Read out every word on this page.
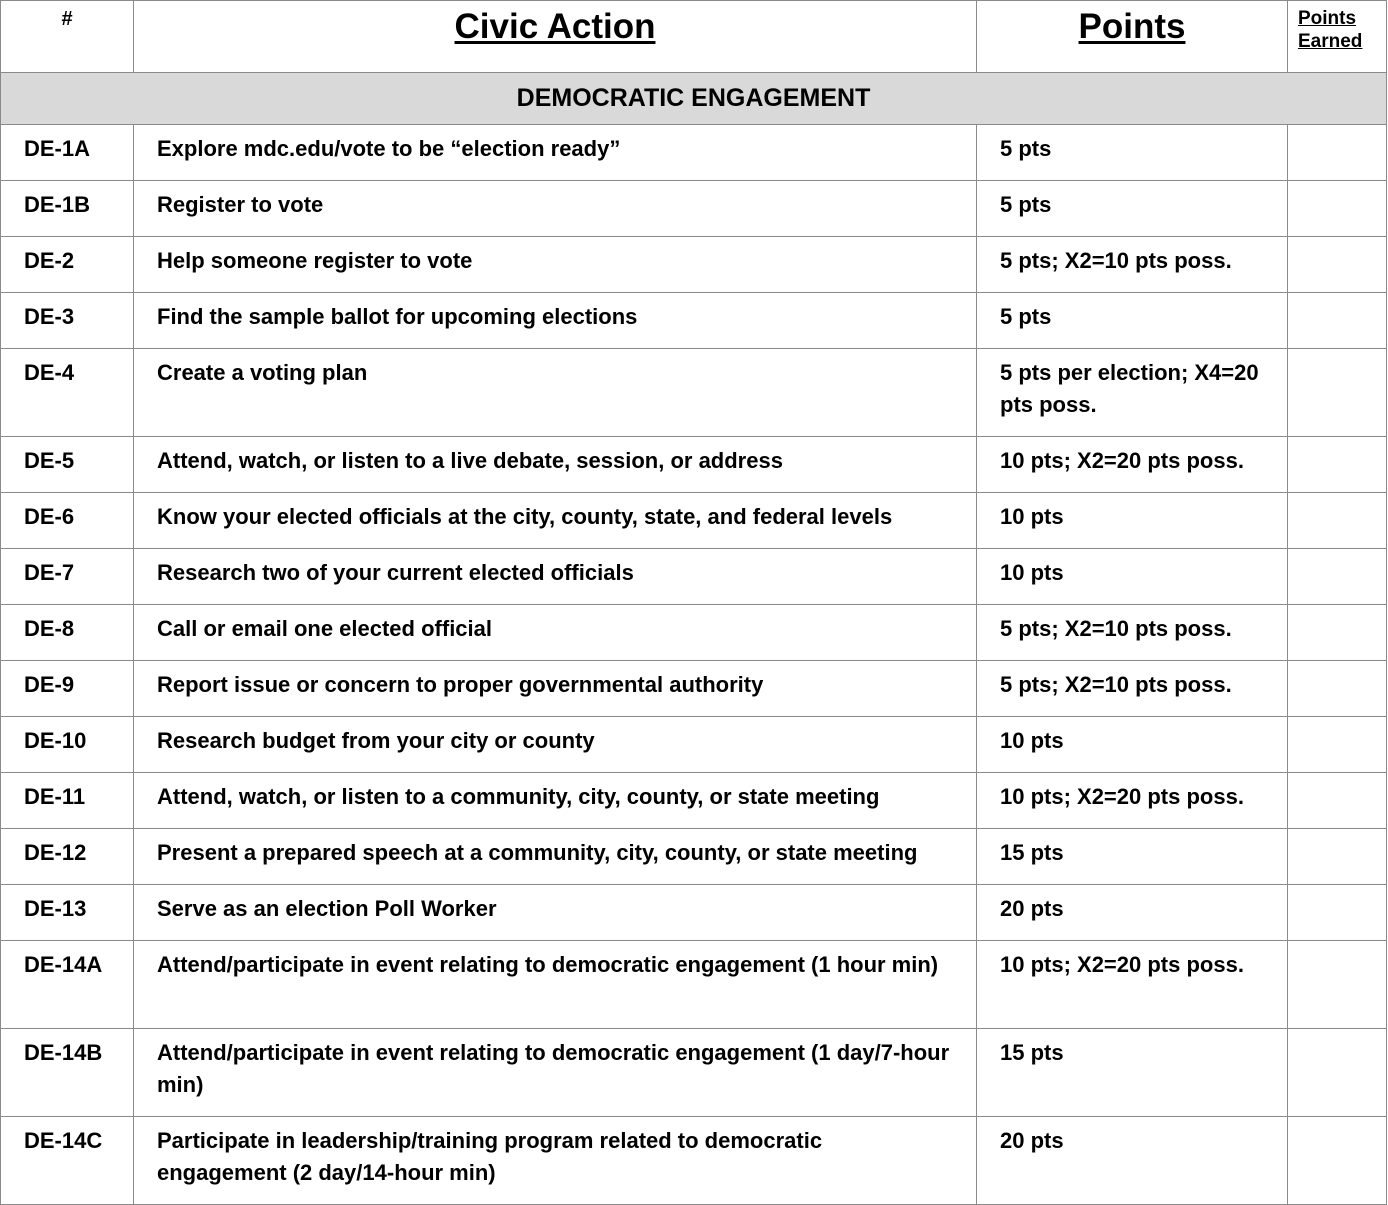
#	Civic Action	Points	Points Earned
DEMOCRATIC ENGAGEMENT			
DE-1A	Explore mdc.edu/vote to be “election ready”	5 pts	
DE-1B	Register to vote	5 pts	
DE-2	Help someone register to vote	5 pts; X2=10 pts poss.	
DE-3	Find the sample ballot for upcoming elections	5 pts	
DE-4	Create a voting plan	5 pts per election; X4=20 pts poss.	
DE-5	Attend, watch, or listen to a live debate, session, or address	10 pts; X2=20 pts poss.	
DE-6	Know your elected officials at the city, county, state, and federal levels	10 pts	
DE-7	Research two of your current elected officials	10 pts	
DE-8	Call or email one elected official	5 pts; X2=10 pts poss.	
DE-9	Report issue or concern to proper governmental authority	5 pts; X2=10 pts poss.	
DE-10	Research budget from your city or county	10 pts	
DE-11	Attend, watch, or listen to a community, city, county, or state meeting	10 pts; X2=20 pts poss.	
DE-12	Present a prepared speech at a community, city, county, or state meeting	15 pts	
DE-13	Serve as an election Poll Worker	20 pts	
DE-14A	Attend/participate in event relating to democratic engagement (1 hour min)	10 pts; X2=20 pts poss.	
DE-14B	Attend/participate in event relating to democratic engagement (1 day/7-hour min)	15 pts	
DE-14C	Participate in leadership/training program related to democratic engagement (2 day/14-hour min)	20 pts	
